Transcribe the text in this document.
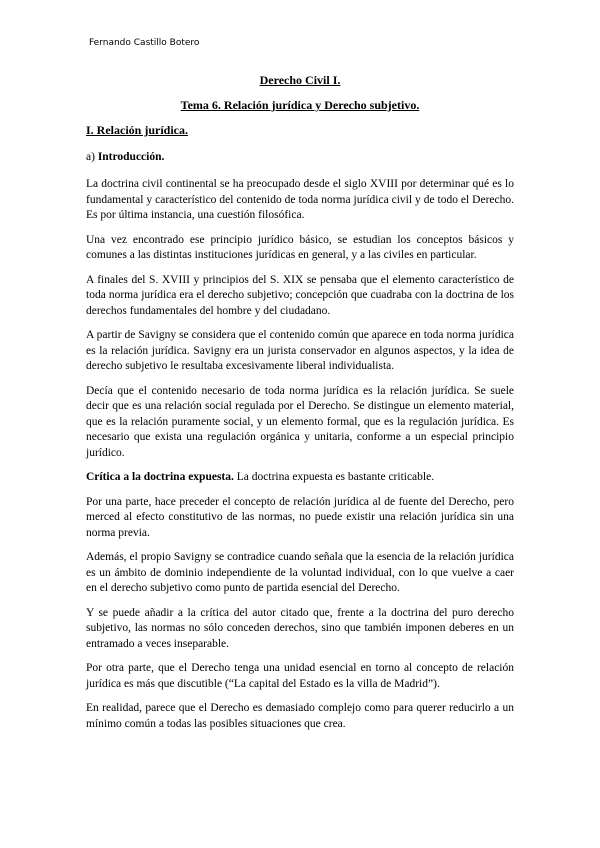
Fernando Castillo Botero
Derecho Civil I.
Tema 6. Relación jurídica y Derecho subjetivo.

I. Relación jurídica.

a) Introducción.

La doctrina civil continental se ha preocupado desde el siglo XVIII por determinar qué es lo fundamental y característico del contenido de toda norma jurídica civil y de todo el Derecho. Es por última instancia, una cuestión filosófica.

Una vez encontrado ese principio jurídico básico, se estudian los conceptos básicos y comunes a las distintas instituciones jurídicas en general, y a las civiles en particular.

A finales del S. XVIII y principios del S. XIX se pensaba que el elemento característico de toda norma jurídica era el derecho subjetivo; concepción que cuadraba con la doctrina de los derechos fundamentales del hombre y del ciudadano.

A partir de Savigny se considera que el contenido común que aparece en toda norma jurídica es la relación jurídica. Savigny era un jurista conservador en algunos aspectos, y la idea de derecho subjetivo le resultaba excesivamente liberal individualista.

Decía que el contenido necesario de toda norma jurídica es la relación jurídica. Se suele decir que es una relación social regulada por el Derecho. Se distingue un elemento material, que es la relación puramente social, y un elemento formal, que es la regulación jurídica. Es necesario que exista una regulación orgánica y unitaria, conforme a un especial principio jurídico.

Crítica a la doctrina expuesta. La doctrina expuesta es bastante criticable.

Por una parte, hace preceder el concepto de relación jurídica al de fuente del Derecho, pero merced al efecto constitutivo de las normas, no puede existir una relación jurídica sin una norma previa.

Además, el propio Savigny se contradice cuando señala que la esencia de la relación jurídica es un ámbito de dominio independiente de la voluntad individual, con lo que vuelve a caer en el derecho subjetivo como punto de partida esencial del Derecho.

Y se puede añadir a la crítica del autor citado que, frente a la doctrina del puro derecho subjetivo, las normas no sólo conceden derechos, sino que también imponen deberes en un entramado a veces inseparable.

Por otra parte, que el Derecho tenga una unidad esencial en torno al concepto de relación jurídica es más que discutible (“La capital del Estado es la villa de Madrid”).

En realidad, parece que el Derecho es demasiado complejo como para querer reducirlo a un mínimo común a todas las posibles situaciones que crea.
